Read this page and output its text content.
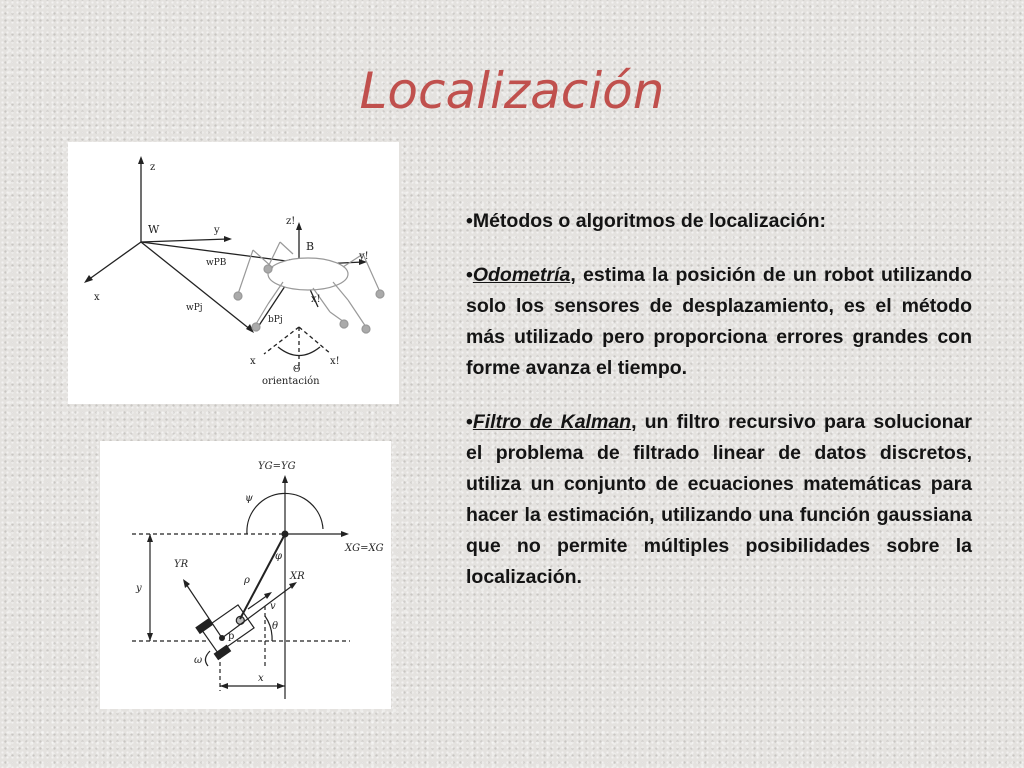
Localización
z
W	y
x
wPB
wPj
bPj
z!
B
y!
x!
x	x!
Θ
orientación
YG=YG
XG=XG
ψ
YR
XR
φ
ρ
v
θ
y
x
p
ω

•Métodos o algoritmos de localización:

•Odometría, estima la posición de un robot utilizando solo los sensores de desplazamiento, es el método más utilizado pero proporciona errores grandes con forme avanza el tiempo.

•Filtro de Kalman, un filtro recursivo para solucionar el problema de filtrado linear de datos discretos, utiliza un conjunto de ecuaciones matemáticas para hacer la estimación, utilizando una función gaussiana que no permite múltiples posibilidades sobre la localización.
